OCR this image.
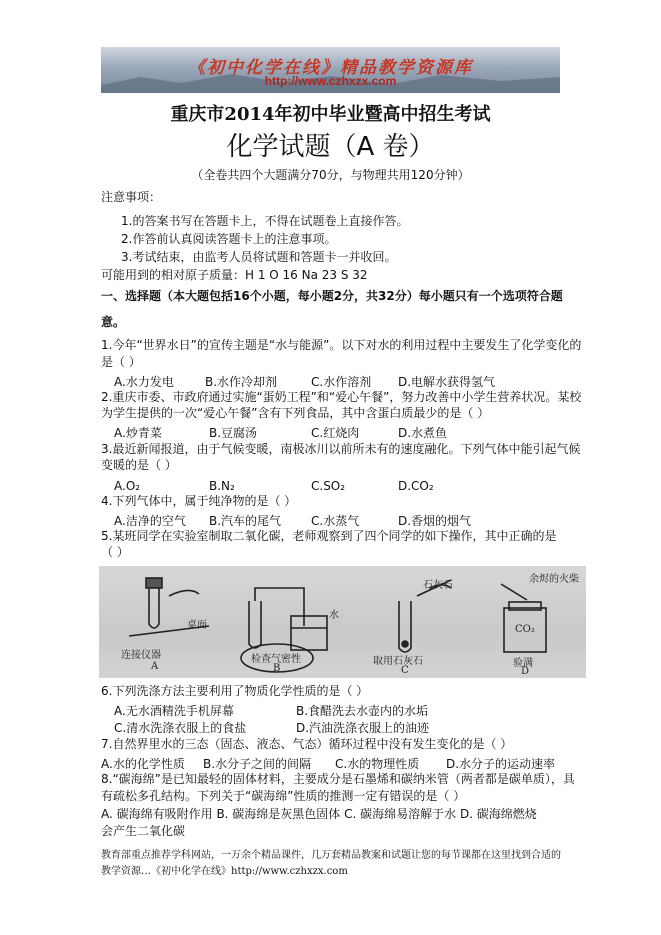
《初中化学在线》精品教学资源库
http://www.czhxzx.com
重庆市2014年初中毕业暨高中招生考试
化学试题（A 卷）
（全卷共四个大题满分70分，与物理共用120分钟）
注意事项：
1.的答案书写在答题卡上，不得在试题卷上直接作答。
2.作答前认真阅读答题卡上的注意事项。
3.考试结束，由监考人员将试题和答题卡一并收回。
可能用到的相对原子质量：H 1 O 16 Na 23 S 32
一、选择题（本大题包括16个小题，每小题2分，共32分）每小题只有一个选项符合题
意。
1.今年“世界水日”的宣传主题是“水与能源”。以下对水的利用过程中主要发生了化学变化的
是（ ）
A.水力发电	B.水作冷却剂	C.水作溶剂 D.电解水获得氢气
2.重庆市委、市政府通过实施“蛋奶工程”和“爱心午餐”，努力改善中小学生营养状况。某校
为学生提供的一次“爱心午餐”含有下列食品，其中含蛋白质最少的是（ ）
A.炒青菜	B.豆腐汤	C.红烧肉	D.水煮鱼
3.最近新闻报道，由于气候变暖，南极冰川以前所未有的速度融化。下列气体中能引起气候
变暖的是（ ）
A.O₂	B.N₂	C.SO₂	D.CO₂
4.下列气体中，属于纯净物的是（ ）
A.洁净的空气 B.汽车的尾气 C.水蒸气	D.香烟的烟气
5.某班同学在实验室制取二氧化碳，老师观察到了四个同学的如下操作，其中正确的是
（ ）
桌面
连接仪器
A
检查气密性
B
水
石灰石
取用石灰石
C
余烬的火柴
CO₂
验满
D
6.下列洗涤方法主要利用了物质化学性质的是（ ）
A.无水酒精洗手机屏幕	B.食醋洗去水壶内的水垢
C.清水洗涤衣服上的食盐	D.汽油洗涤衣服上的油迹
7.自然界里水的三态（固态、液态、气态）循环过程中没有发生变化的是（ ）
A.水的化学性质 B.水分子之间的间隔 C.水的物理性质 D.水分子的运动速率
8.“碳海绵”是已知最轻的固体材料，主要成分是石墨烯和碳纳米管（两者都是碳单质），具
有疏松多孔结构。下列关于“碳海绵”性质的推测一定有错误的是（ ）
A. 碳海绵有吸附作用 B. 碳海绵是灰黑色固体 C. 碳海绵易溶解于水 D. 碳海绵燃烧
会产生二氧化碳
教育部重点推荐学科网站，一万余个精品课件，几万套精品教案和试题让您的每节课都在这里找到合适的
教学资源…《初中化学在线》http://www.czhxzx.com
